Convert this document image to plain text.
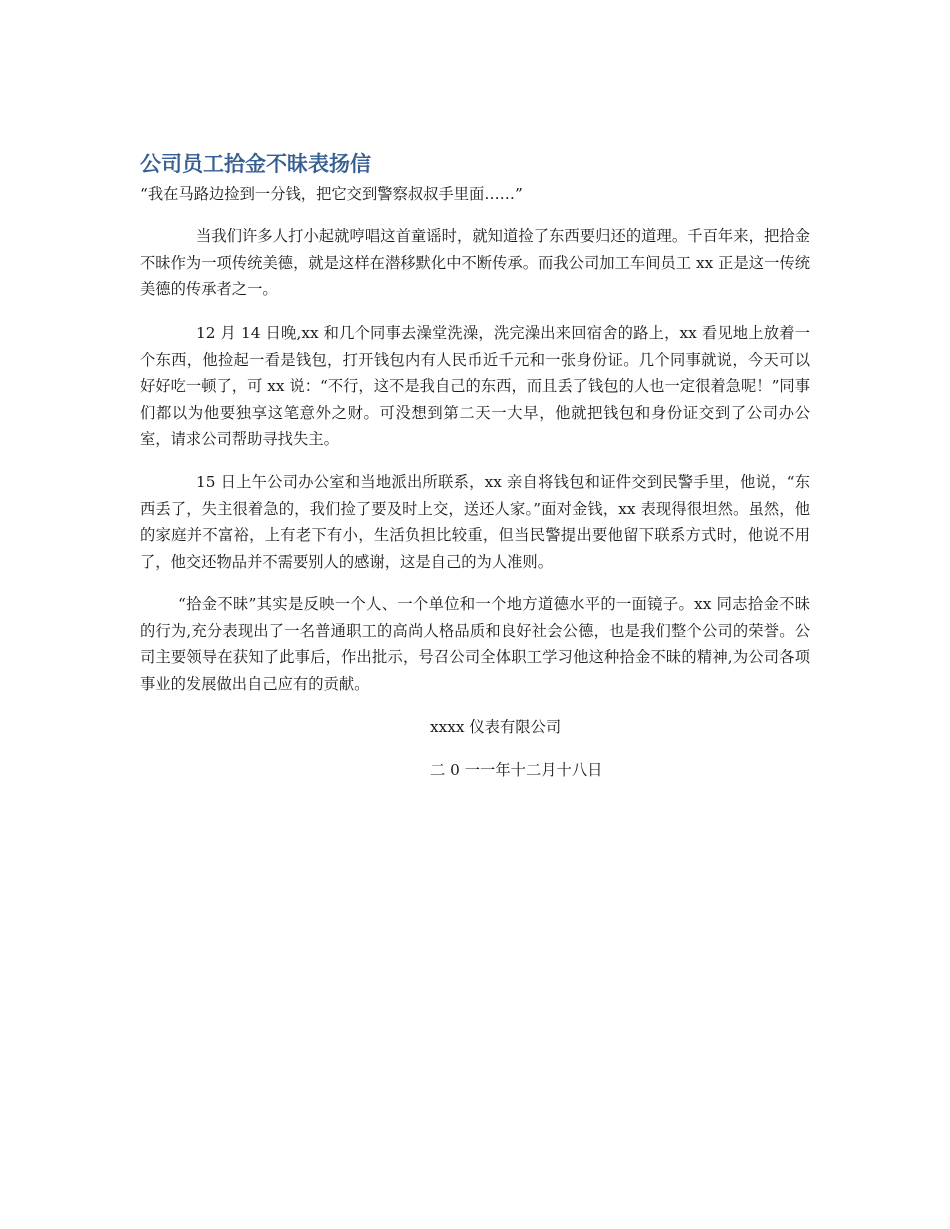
公司员工拾金不昧表扬信

“我在马路边捡到一分钱，把它交到警察叔叔手里面……”

当我们许多人打小起就哼唱这首童谣时，就知道捡了东西要归还的道理。千百年来，把拾金不昧作为一项传统美德，就是这样在潜移默化中不断传承。而我公司加工车间员工 xx 正是这一传统美德的传承者之一。

12 月 14 日晚,xx 和几个同事去澡堂洗澡，洗完澡出来回宿舍的路上，xx 看见地上放着一个东西，他捡起一看是钱包，打开钱包内有人民币近千元和一张身份证。几个同事就说，今天可以好好吃一顿了，可 xx 说：“不行，这不是我自己的东西，而且丢了钱包的人也一定很着急呢！”同事们都以为他要独享这笔意外之财。可没想到第二天一大早，他就把钱包和身份证交到了公司办公室，请求公司帮助寻找失主。

15 日上午公司办公室和当地派出所联系，xx 亲自将钱包和证件交到民警手里，他说，“东西丢了，失主很着急的，我们捡了要及时上交，送还人家。”面对金钱，xx 表现得很坦然。虽然，他的家庭并不富裕，上有老下有小，生活负担比较重，但当民警提出要他留下联系方式时，他说不用了，他交还物品并不需要别人的感谢，这是自己的为人准则。

“拾金不昧”其实是反映一个人、一个单位和一个地方道德水平的一面镜子。xx 同志拾金不昧的行为,充分表现出了一名普通职工的高尚人格品质和良好社会公德，也是我们整个公司的荣誉。公司主要领导在获知了此事后，作出批示，号召公司全体职工学习他这种拾金不昧的精神,为公司各项事业的发展做出自己应有的贡献。

xxxx 仪表有限公司

二 0 一一年十二月十八日
